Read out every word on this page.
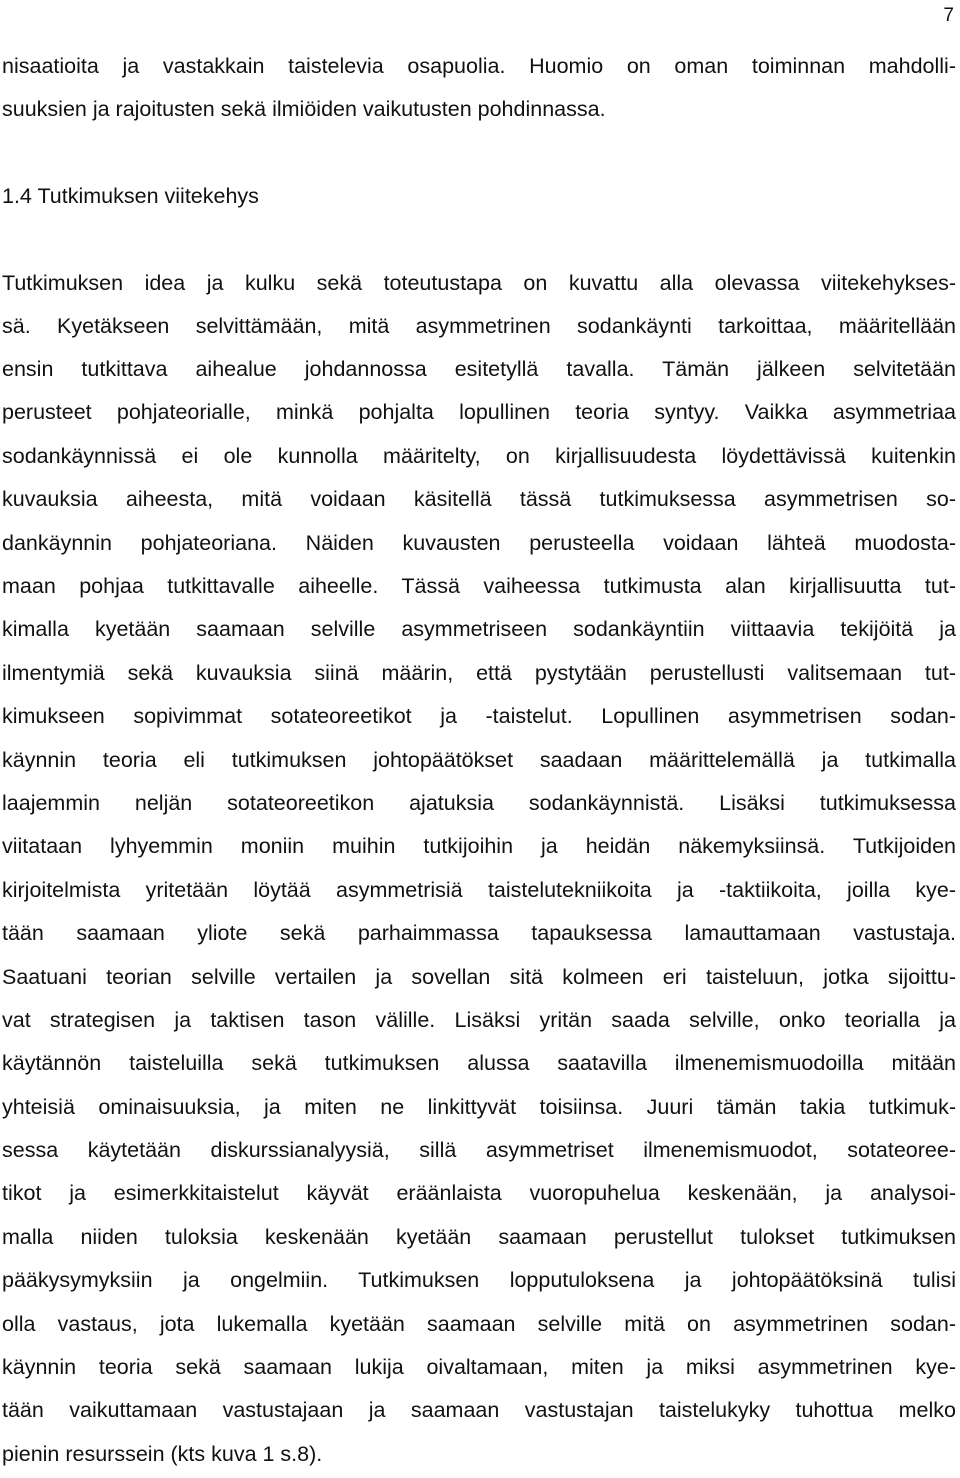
7
nisaatioita ja vastakkain taistelevia osapuolia. Huomio on oman toiminnan mahdolli-
suuksien ja rajoitusten sekä ilmiöiden vaikutusten pohdinnassa.
1.4 Tutkimuksen viitekehys
Tutkimuksen idea ja kulku sekä toteutustapa on kuvattu alla olevassa viitekehykses-
sä. Kyetäkseen selvittämään, mitä asymmetrinen sodankäynti tarkoittaa, määritellään
ensin tutkittava aihealue johdannossa esitetyllä tavalla. Tämän jälkeen selvitetään
perusteet pohjateorialle, minkä pohjalta lopullinen teoria syntyy. Vaikka asymmetriaa
sodankäynnissä ei ole kunnolla määritelty, on kirjallisuudesta löydettävissä kuitenkin
kuvauksia aiheesta, mitä voidaan käsitellä tässä tutkimuksessa asymmetrisen so-
dankäynnin pohjateoriana. Näiden kuvausten perusteella voidaan lähteä muodosta-
maan pohjaa tutkittavalle aiheelle. Tässä vaiheessa tutkimusta alan kirjallisuutta tut-
kimalla kyetään saamaan selville asymmetriseen sodankäyntiin viittaavia tekijöitä ja
ilmentymiä sekä kuvauksia siinä määrin, että pystytään perustellusti valitsemaan tut-
kimukseen sopivimmat sotateoreetikot ja -taistelut. Lopullinen asymmetrisen sodan-
käynnin teoria eli tutkimuksen johtopäätökset saadaan määrittelemällä ja tutkimalla
laajemmin neljän sotateoreetikon ajatuksia sodankäynnistä. Lisäksi tutkimuksessa
viitataan lyhyemmin moniin muihin tutkijoihin ja heidän näkemyksiinsä. Tutkijoiden
kirjoitelmista yritetään löytää asymmetrisiä taistelutekniikoita ja -taktiikoita, joilla kye-
tään saamaan yliote sekä parhaimmassa tapauksessa lamauttamaan vastustaja.
Saatuani teorian selville vertailen ja sovellan sitä kolmeen eri taisteluun, jotka sijoittu-
vat strategisen ja taktisen tason välille. Lisäksi yritän saada selville, onko teorialla ja
käytännön taisteluilla sekä tutkimuksen alussa saatavilla ilmenemismuodoilla mitään
yhteisiä ominaisuuksia, ja miten ne linkittyvät toisiinsa. Juuri tämän takia tutkimuk-
sessa käytetään diskurssianalyysiä, sillä asymmetriset ilmenemismuodot, sotateoree-
tikot ja esimerkkitaistelut käyvät eräänlaista vuoropuhelua keskenään, ja analysoi-
malla niiden tuloksia keskenään kyetään saamaan perustellut tulokset tutkimuksen
pääkysymyksiin ja ongelmiin. Tutkimuksen lopputuloksena ja johtopäätöksinä tulisi
olla vastaus, jota lukemalla kyetään saamaan selville mitä on asymmetrinen sodan-
käynnin teoria sekä saamaan lukija oivaltamaan, miten ja miksi asymmetrinen kye-
tään vaikuttamaan vastustajaan ja saamaan vastustajan taistelukyky tuhottua melko
pienin resurssein (kts kuva 1 s.8).
